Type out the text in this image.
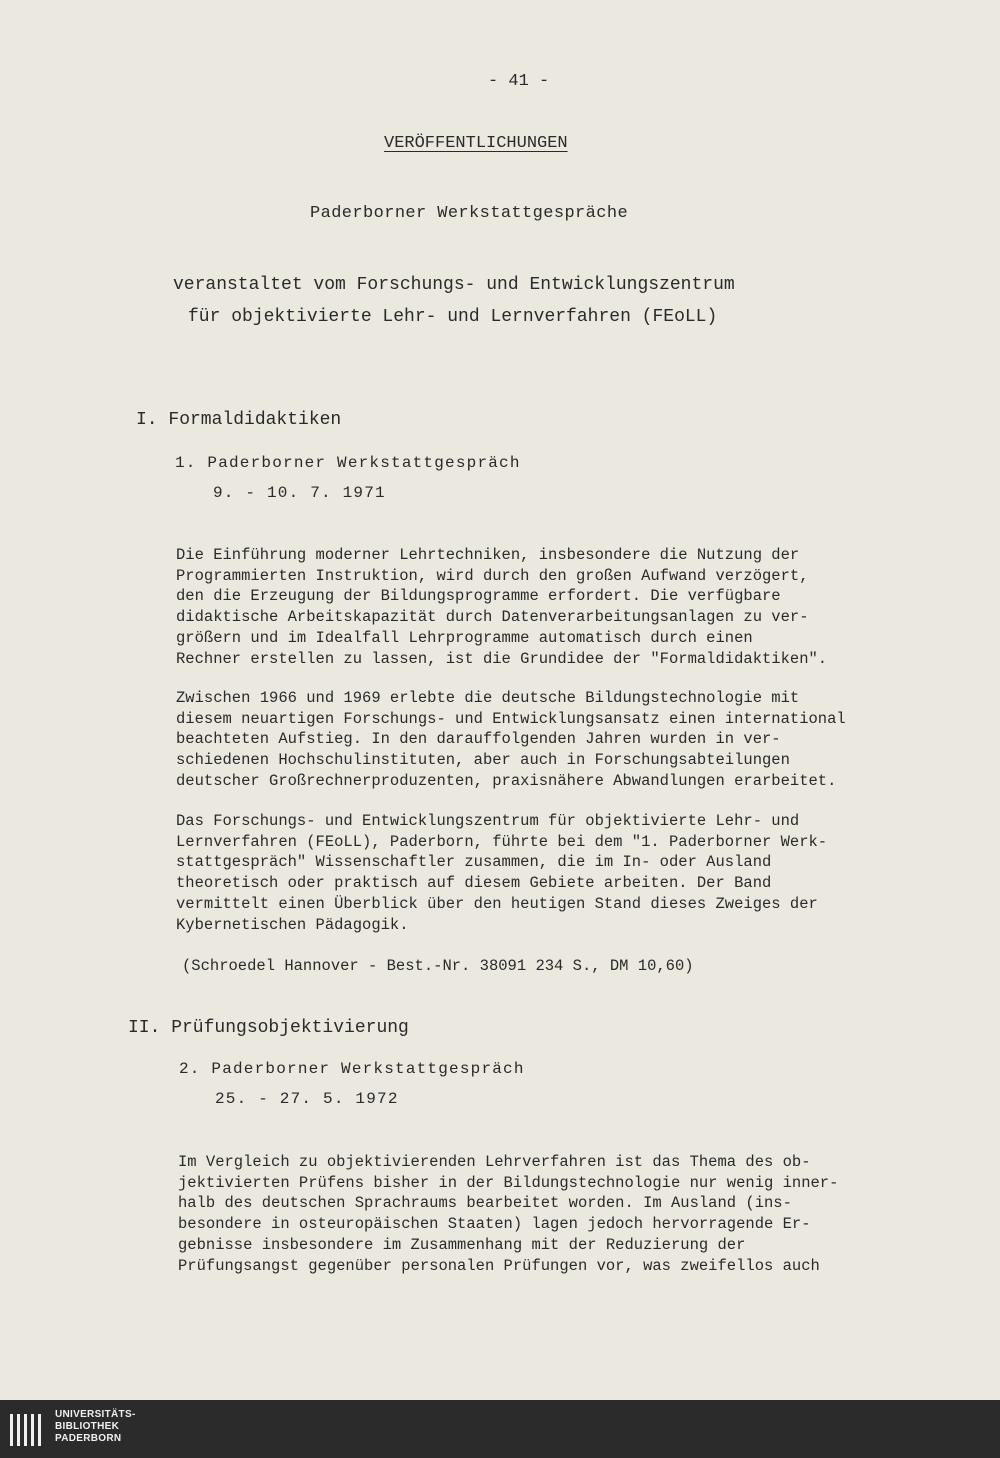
- 41 -

VERÖFFENTLICHUNGEN

Paderborner Werkstattgespräche

veranstaltet vom Forschungs- und Entwicklungszentrum

für objektivierte Lehr- und Lernverfahren (FEoLL)

I. Formaldidaktiken

1. Paderborner Werkstattgespräch

9. - 10. 7. 1971

Die Einführung moderner Lehrtechniken, insbesondere die Nutzung der
Programmierten Instruktion, wird durch den großen Aufwand verzögert,
den die Erzeugung der Bildungsprogramme erfordert. Die verfügbare
didaktische Arbeitskapazität durch Datenverarbeitungsanlagen zu ver-
größern und im Idealfall Lehrprogramme automatisch durch einen
Rechner erstellen zu lassen, ist die Grundidee der "Formaldidaktiken".

Zwischen 1966 und 1969 erlebte die deutsche Bildungstechnologie mit
diesem neuartigen Forschungs- und Entwicklungsansatz einen international
beachteten Aufstieg. In den darauffolgenden Jahren wurden in ver-
schiedenen Hochschulinstituten, aber auch in Forschungsabteilungen
deutscher Großrechnerproduzenten, praxisnähere Abwandlungen erarbeitet.

Das Forschungs- und Entwicklungszentrum für objektivierte Lehr- und
Lernverfahren (FEoLL), Paderborn, führte bei dem "1. Paderborner Werk-
stattgespräch" Wissenschaftler zusammen, die im In- oder Ausland
theoretisch oder praktisch auf diesem Gebiete arbeiten. Der Band
vermittelt einen Überblick über den heutigen Stand dieses Zweiges der
Kybernetischen Pädagogik.

(Schroedel Hannover - Best.-Nr. 38091 234 S., DM 10,60)

II. Prüfungsobjektivierung

2. Paderborner Werkstattgespräch

25. - 27. 5. 1972

Im Vergleich zu objektivierenden Lehrverfahren ist das Thema des ob-
jektivierten Prüfens bisher in der Bildungstechnologie nur wenig inner-
halb des deutschen Sprachraums bearbeitet worden. Im Ausland (ins-
besondere in osteuropäischen Staaten) lagen jedoch hervorragende Er-
gebnisse insbesondere im Zusammenhang mit der Reduzierung der
Prüfungsangst gegenüber personalen Prüfungen vor, was zweifellos auch

UNIVERSITÄTS-
BIBLIOTHEK
PADERBORN
